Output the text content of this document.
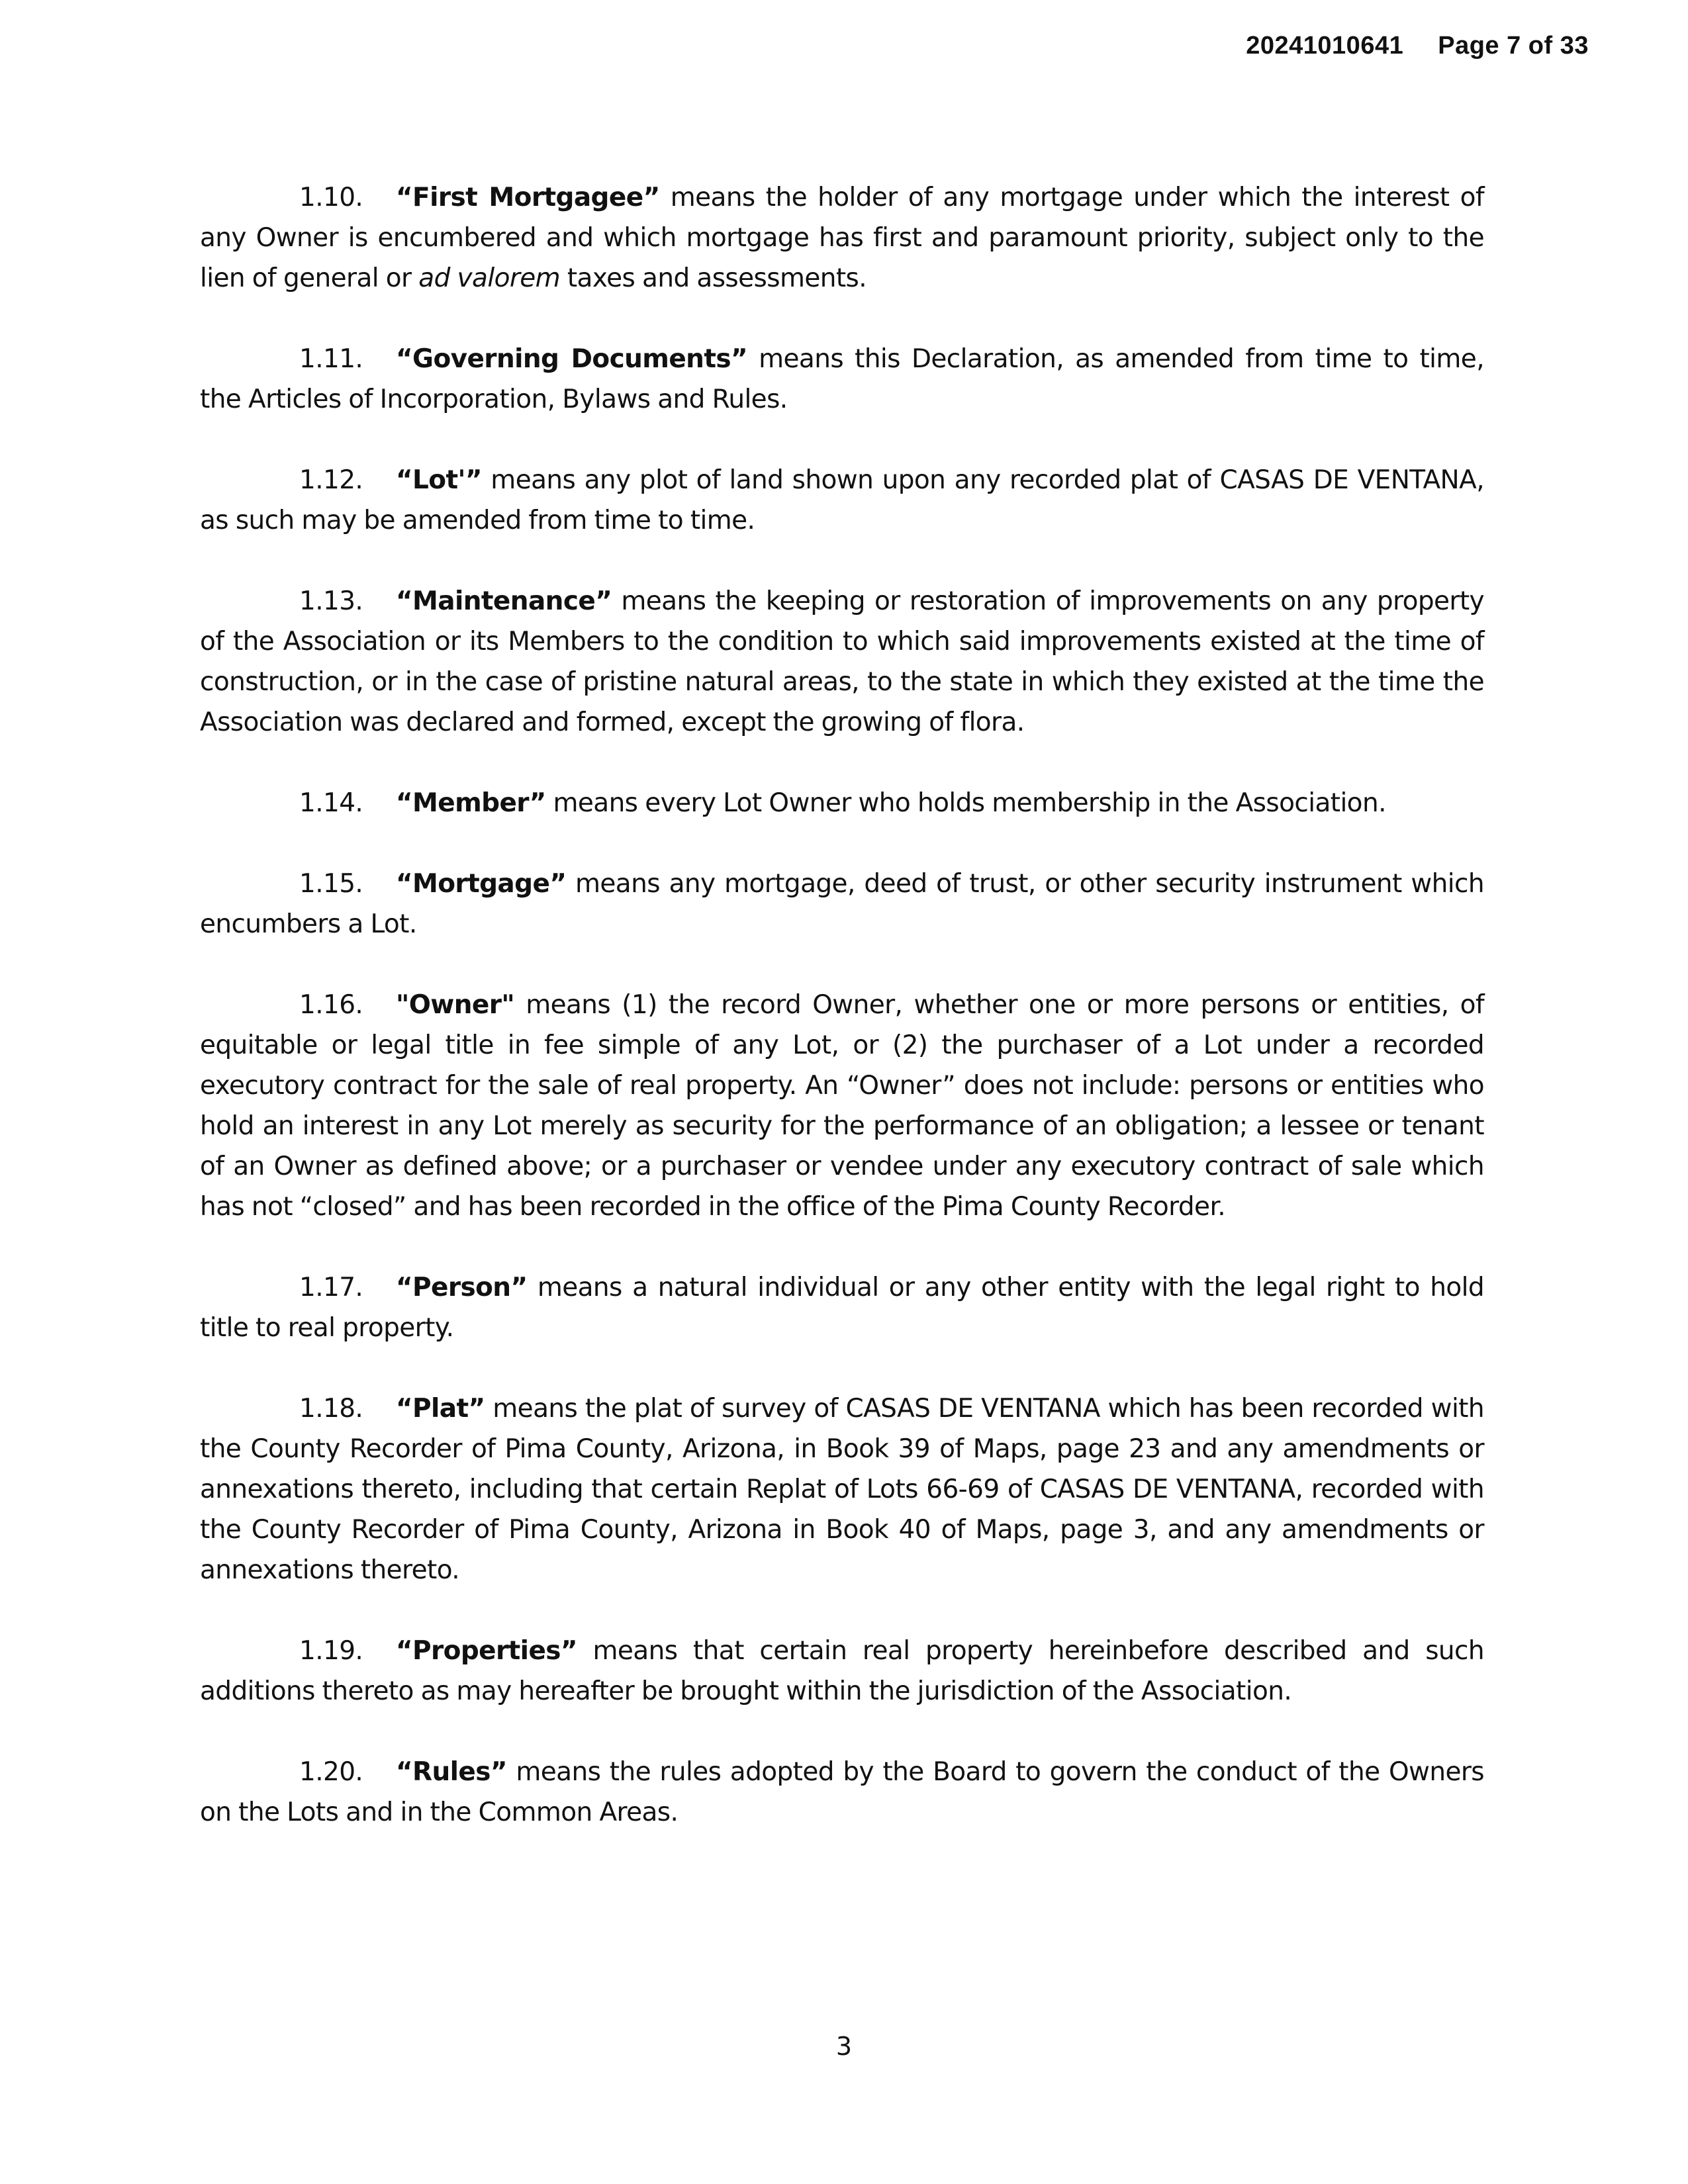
20241010641 Page 7 of 33

1.10. “First Mortgagee” means the holder of any mortgage under which the interest of any Owner is encumbered and which mortgage has first and paramount priority, subject only to the lien of general or ad valorem taxes and assessments.

1.11. “Governing Documents” means this Declaration, as amended from time to time, the Articles of Incorporation, Bylaws and Rules.

1.12. “Lot'” means any plot of land shown upon any recorded plat of CASAS DE VENTANA, as such may be amended from time to time.

1.13. “Maintenance” means the keeping or restoration of improvements on any property of the Association or its Members to the condition to which said improvements existed at the time of construction, or in the case of pristine natural areas, to the state in which they existed at the time the Association was declared and formed, except the growing of flora.

1.14. “Member” means every Lot Owner who holds membership in the Association.

1.15. “Mortgage” means any mortgage, deed of trust, or other security instrument which encumbers a Lot.

1.16. "Owner" means (1) the record Owner, whether one or more persons or entities, of equitable or legal title in fee simple of any Lot, or (2) the purchaser of a Lot under a recorded executory contract for the sale of real property. An “Owner” does not include: persons or entities who hold an interest in any Lot merely as security for the performance of an obligation; a lessee or tenant of an Owner as defined above; or a purchaser or vendee under any executory contract of sale which has not “closed” and has been recorded in the office of the Pima County Recorder.

1.17. “Person” means a natural individual or any other entity with the legal right to hold title to real property.

1.18. “Plat” means the plat of survey of CASAS DE VENTANA which has been recorded with the County Recorder of Pima County, Arizona, in Book 39 of Maps, page 23 and any amendments or annexations thereto, including that certain Replat of Lots 66-69 of CASAS DE VENTANA, recorded with the County Recorder of Pima County, Arizona in Book 40 of Maps, page 3, and any amendments or annexations thereto.

1.19. “Properties” means that certain real property hereinbefore described and such additions thereto as may hereafter be brought within the jurisdiction of the Association.

1.20. “Rules” means the rules adopted by the Board to govern the conduct of the Owners on the Lots and in the Common Areas.

3
